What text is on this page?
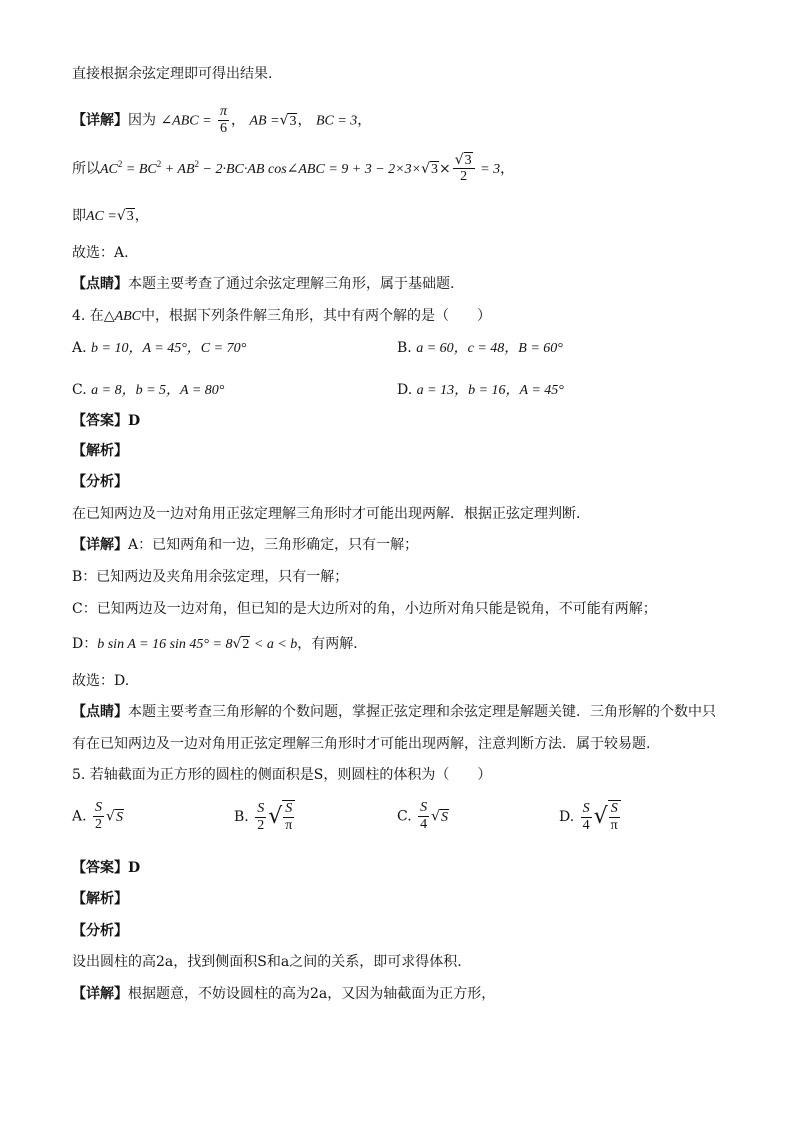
直接根据余弦定理即可得出结果.
【详解】因为 ∠ABC = $\frac{\pi}{6}$ ， AB =√3， BC = 3，
所以$AC^2 = BC^2 + AB^2 - 2\cdot BC\cdot AB$ cos∠ABC = $9 + 3 - 2\times 3\times√3\times \frac{√3}{2} = 3$，
即AC =√3，
故选：A.
【点睛】本题主要考查了通过余弦定理解三角形，属于基础题.
4. 在△ABC中，根据下列条件解三角形，其中有两个解的是（　　）
A. b = 10，A = 45°，C = 70°	B. a = 60，c = 48，B = 60°
C. a = 8，b = 5，A = 80°	D. a = 13，b = 16，A = 45°
【答案】D
【解析】
【分析】
在已知两边及一边对角用正弦定理解三角形时才可能出现两解．根据正弦定理判断．
【详解】A：已知两角和一边，三角形确定，只有一解；
B：已知两边及夹角用余弦定理，只有一解；
C：已知两边及一边对角，但已知的是大边所对的角，小边所对角只能是锐角，不可能有两解；
D：b sin A = 16 sin 45° = 8√2 < a < b，有两解．
故选：D.
【点睛】本题主要考查三角形解的个数问题，掌握正弦定理和余弦定理是解题关键．三角形解的个数中只
有在已知两边及一边对角用正弦定理解三角形时才可能出现两解，注意判断方法．属于较易题.
5. 若轴截面为正方形的圆柱的侧面积是S，则圆柱的体积为（　　）
A. $\frac{S}{2} √S$	B. $\frac{S}{2}$ √ $\frac{S}{\pi}$	C. $\frac{S}{4} √S$	D. $\frac{S}{4}$ √ $\frac{S}{\pi}$
【答案】D
【解析】
【分析】
设出圆柱的高2a，找到侧面积S和a之间的关系，即可求得体积.
【详解】根据题意，不妨设圆柱的高为2a，又因为轴截面为正方形，
